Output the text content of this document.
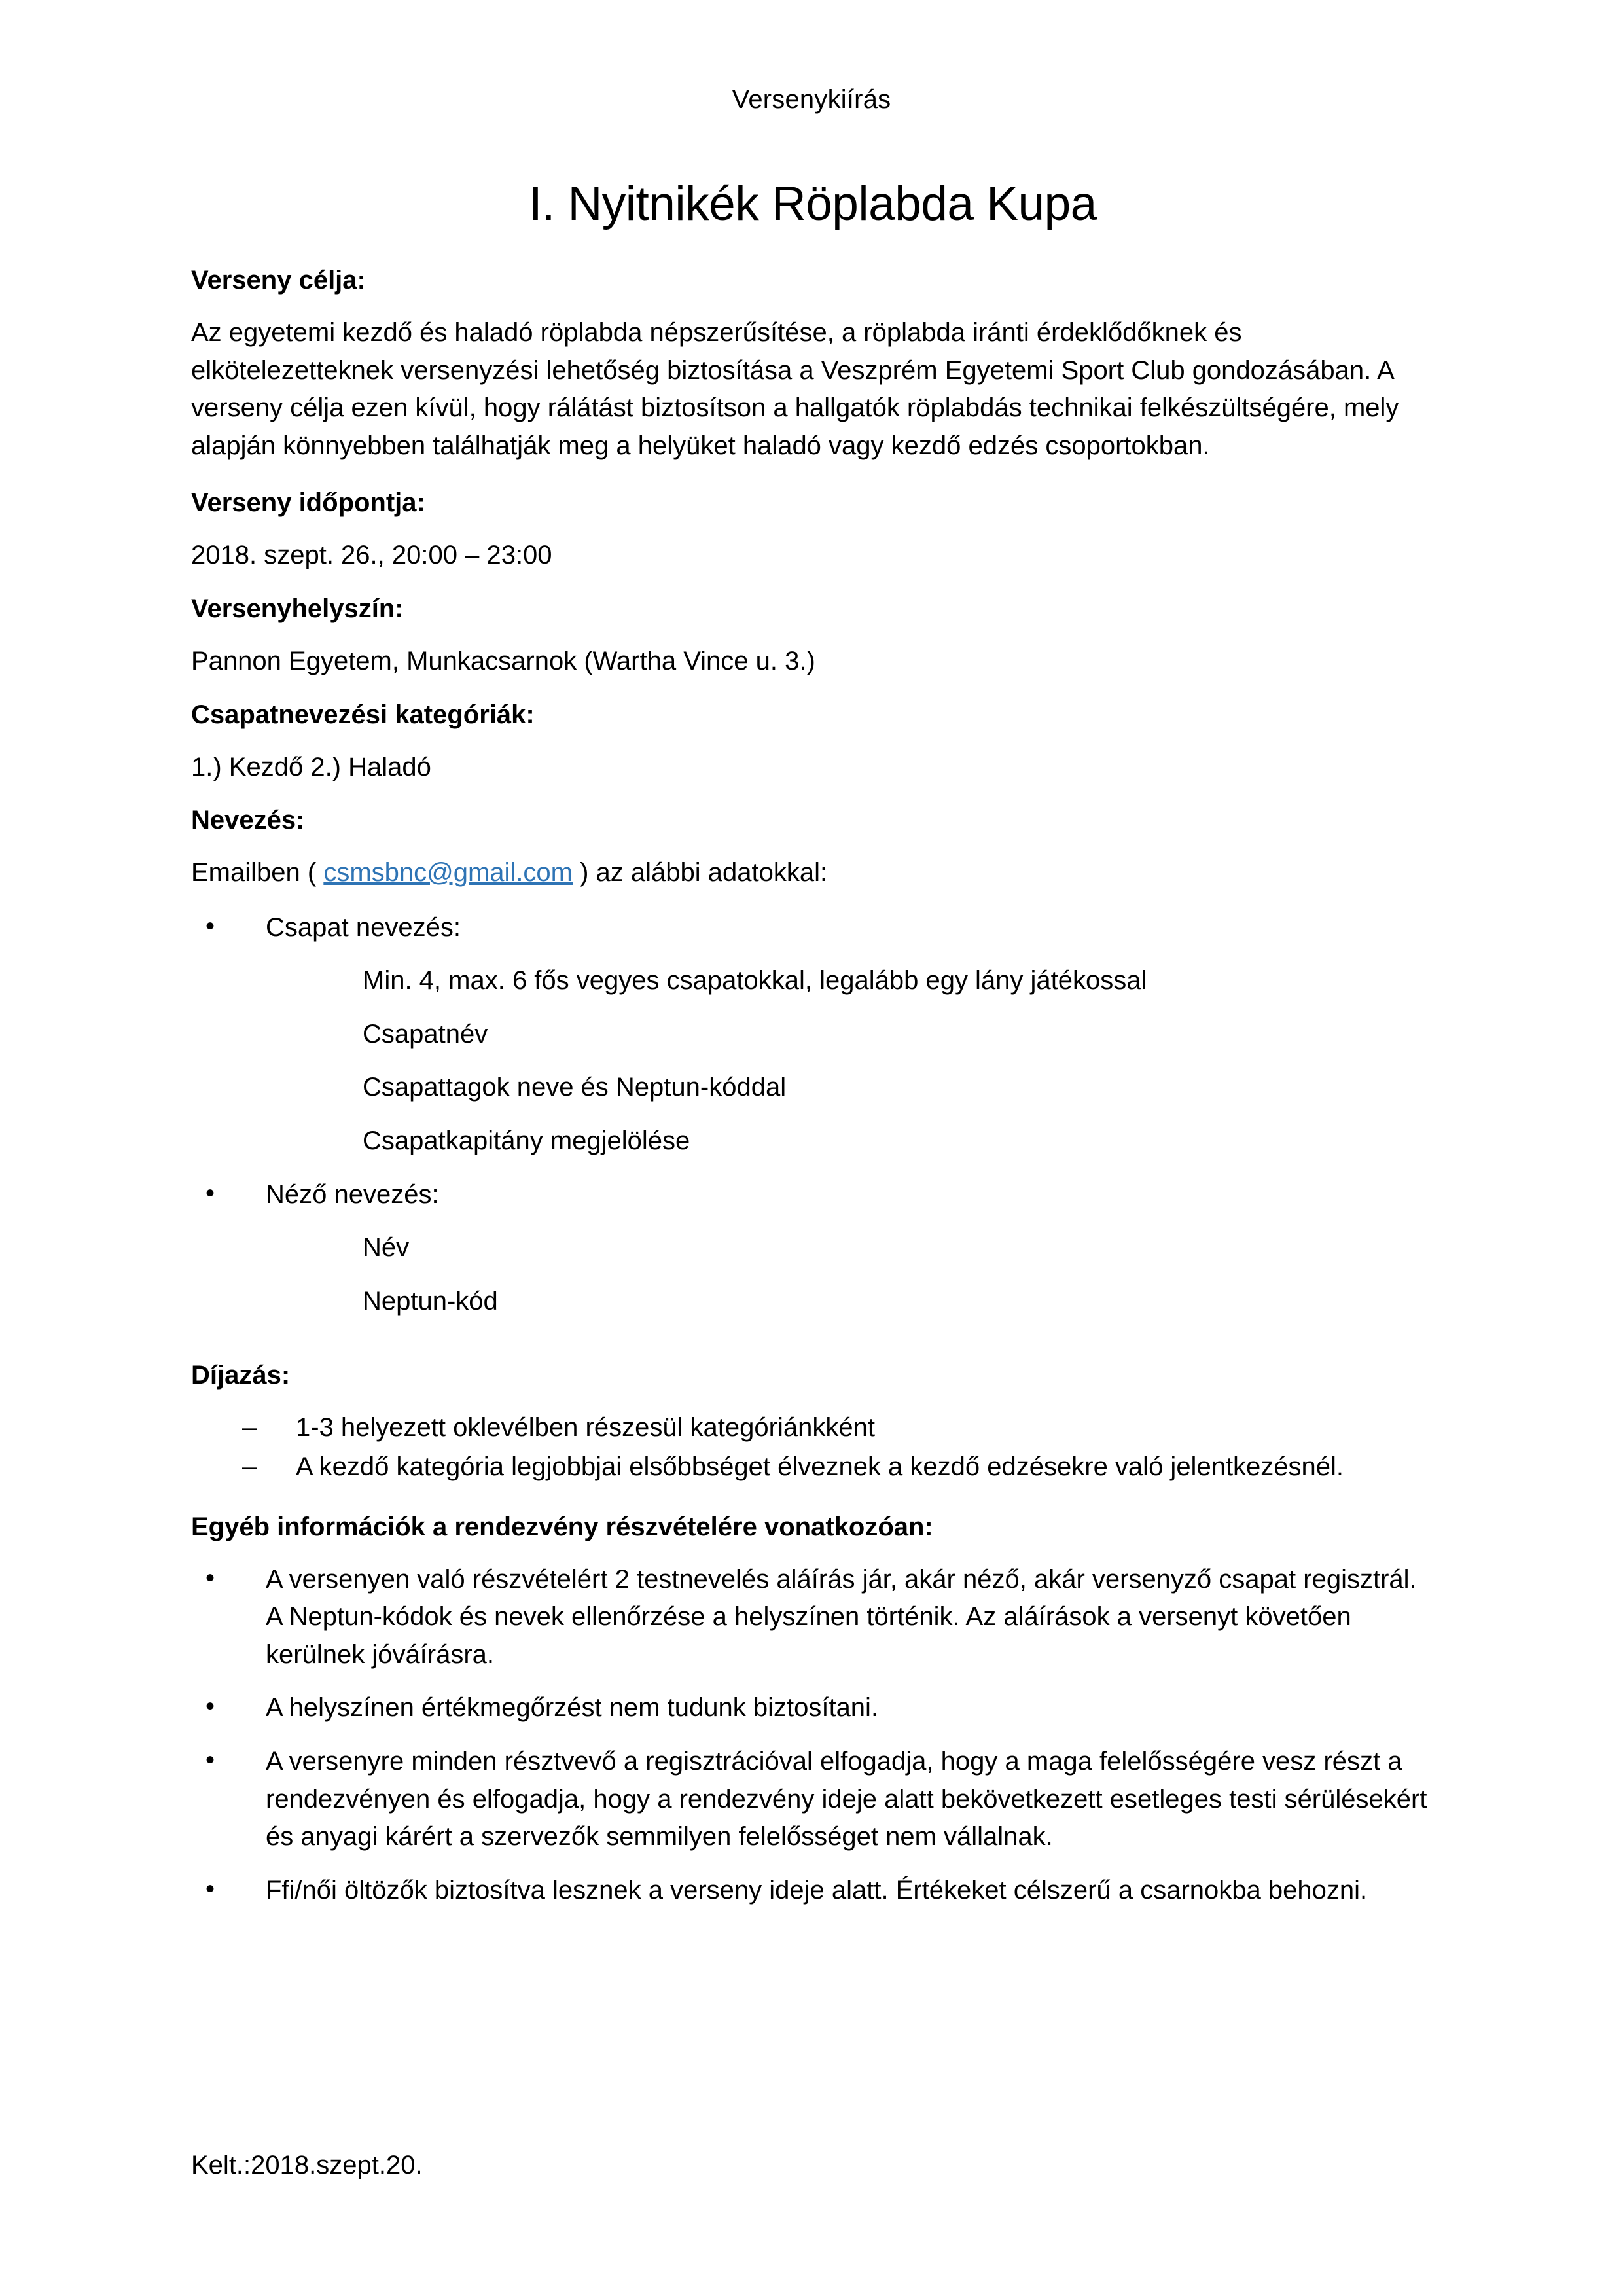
Versenykiírás
I. Nyitnikék Röplabda Kupa
Verseny célja:
Az egyetemi kezdő és haladó röplabda népszerűsítése, a röplabda iránti érdeklődőknek és elkötelezetteknek versenyzési lehetőség biztosítása a Veszprém Egyetemi Sport Club gondozásában. A verseny célja ezen kívül, hogy rálátást biztosítson a hallgatók röplabdás technikai felkészültségére, mely alapján könnyebben találhatják meg a helyüket haladó vagy kezdő edzés csoportokban.
Verseny időpontja:
2018. szept. 26., 20:00 – 23:00
Versenyhelyszín:
Pannon Egyetem, Munkacsarnok (Wartha Vince u. 3.)
Csapatnevezési kategóriák:
1.) Kezdő 2.) Haladó
Nevezés:
Emailben ( csmsbnc@gmail.com ) az alábbi adatokkal:
• Csapat nevezés:
Min. 4, max. 6 fős vegyes csapatokkal, legalább egy lány játékossal
Csapatnév
Csapattagok neve és Neptun-kóddal
Csapatkapitány megjelölése
• Néző nevezés:
Név
Neptun-kód
Díjazás:
– 1-3 helyezett oklevélben részesül kategóriánkként
– A kezdő kategória legjobbjai elsőbbséget élveznek a kezdő edzésekre való jelentkezésnél.
Egyéb információk a rendezvény részvételére vonatkozóan:
• A versenyen való részvételért 2 testnevelés aláírás jár, akár néző, akár versenyző csapat regisztrál. A Neptun-kódok és nevek ellenőrzése a helyszínen történik. Az aláírások a versenyt követően kerülnek jóváírásra.
• A helyszínen értékmegőrzést nem tudunk biztosítani.
• A versenyre minden résztvevő a regisztrációval elfogadja, hogy a maga felelősségére vesz részt a rendezvényen és elfogadja, hogy a rendezvény ideje alatt bekövetkezett esetleges testi sérülésekért és anyagi kárért a szervezők semmilyen felelősséget nem vállalnak.
• Ffi/női öltözők biztosítva lesznek a verseny ideje alatt. Értékeket célszerű a csarnokba behozni.
Kelt.:2018.szept.20.
